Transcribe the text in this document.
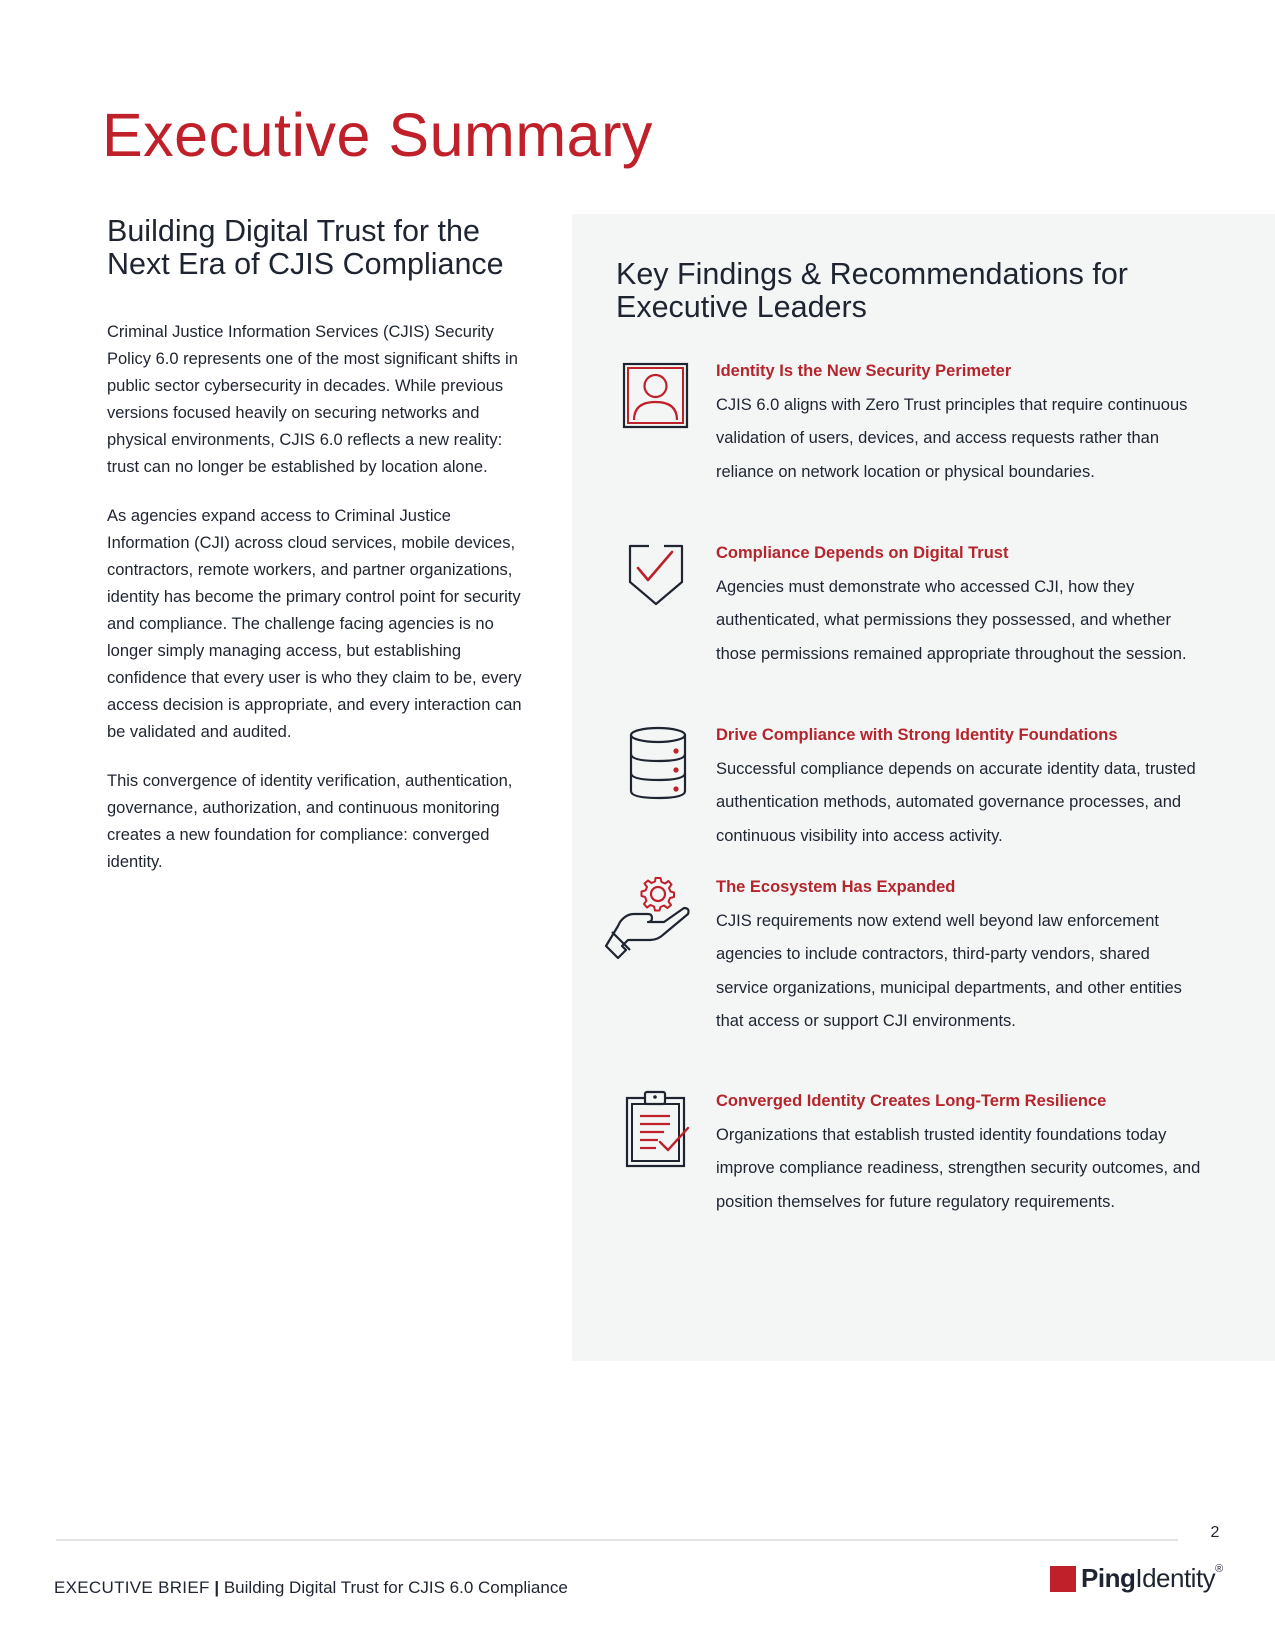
Executive Summary
Building Digital Trust for the Next Era of CJIS Compliance

Criminal Justice Information Services (CJIS) Security Policy 6.0 represents one of the most significant shifts in public sector cybersecurity in decades. While previous versions focused heavily on securing networks and physical environments, CJIS 6.0 reflects a new reality: trust can no longer be established by location alone.

As agencies expand access to Criminal Justice Information (CJI) across cloud services, mobile devices, contractors, remote workers, and partner organizations, identity has become the primary control point for security and compliance. The challenge facing agencies is no longer simply managing access, but establishing confidence that every user is who they claim to be, every access decision is appropriate, and every interaction can be validated and audited.

This convergence of identity verification, authentication, governance, authorization, and continuous monitoring creates a new foundation for compliance: converged identity.

Key Findings & Recommendations for Executive Leaders
Identity Is the New Security Perimeter

CJIS 6.0 aligns with Zero Trust principles that require continuous validation of users, devices, and access requests rather than reliance on network location or physical boundaries.

Compliance Depends on Digital Trust

Agencies must demonstrate who accessed CJI, how they authenticated, what permissions they possessed, and whether those permissions remained appropriate throughout the session.

Drive Compliance with Strong Identity Foundations

Successful compliance depends on accurate identity data, trusted authentication methods, automated governance processes, and continuous visibility into access activity.

The Ecosystem Has Expanded

CJIS requirements now extend well beyond law enforcement agencies to include contractors, third-party vendors, shared service organizations, municipal departments, and other entities that access or support CJI environments.

Converged Identity Creates Long-Term Resilience

Organizations that establish trusted identity foundations today improve compliance readiness, strengthen security outcomes, and position themselves for future regulatory requirements.

2
EXECUTIVE BRIEF | Building Digital Trust for CJIS 6.0 Compliance	PingIdentity®
